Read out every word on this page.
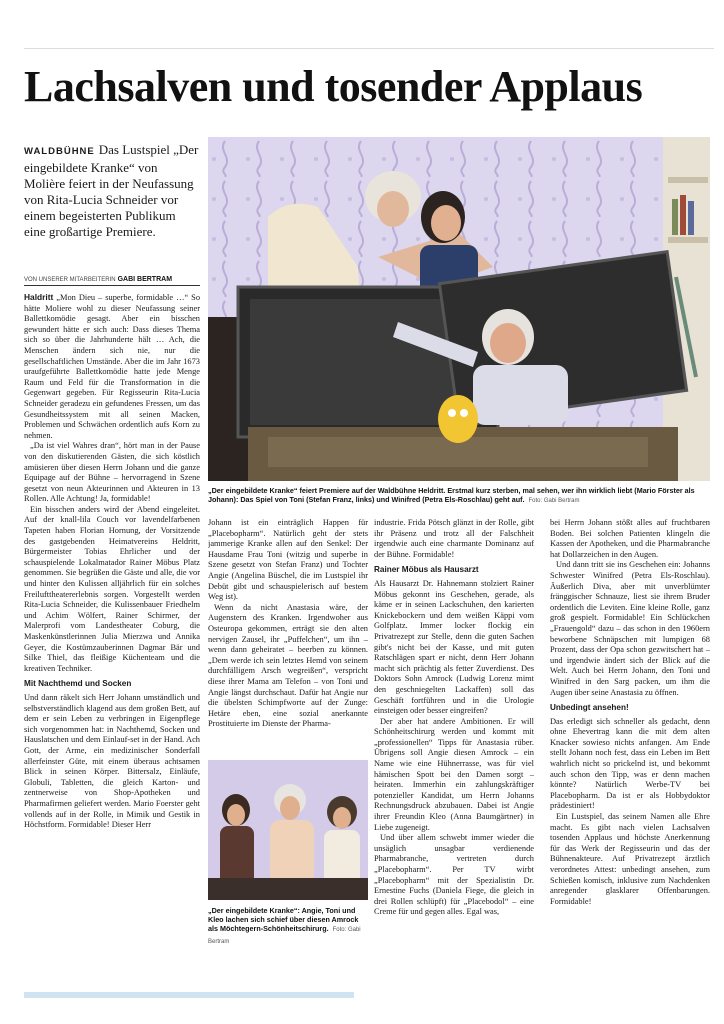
Lachsalven und tosender Applaus
WALDBÜHNE Das Lustspiel „Der eingebildete Kranke“ von Molière feiert in der Neufassung von Rita-Lucia Schneider vor einem begeisterten Publikum eine großartige Premiere.
VON UNSERER MITARBEITERIN GABI BERTRAM
„Der eingebildete Kranke“ feiert Premiere auf der Waldbühne Heldritt. Erstmal kurz sterben, mal sehen, wer ihn wirklich liebt (Mario Förster als Johann): Das Spiel von Toni (Stefan Franz, links) und Winifred (Petra Els-Roschlau) geht auf. Foto: Gabi Bertram

Haldritt „Mon Dieu – superbe, formidable …“ So hätte Moliere wohl zu dieser Neufassung seiner Ballettkomödie gesagt. Aber ein bisschen gewundert hätte er sich auch: Dass dieses Thema sich so über die Jahrhunderte hält … Ach, die Menschen ändern sich nie, nur die gesellschaftlichen Umstände. Aber die im Jahr 1673 uraufgeführte Ballettkomödie hatte jede Menge Raum und Feld für die Transformation in die Gegenwart gegeben. Für Regisseurin Rita-Lucia Schneider geradezu ein gefundenes Fressen, um das Gesundheitssystem mit all seinen Macken, Problemen und Schwächen ordentlich aufs Korn zu nehmen.

„Da ist viel Wahres dran“, hört man in der Pause von den diskutierenden Gästen, die sich köstlich amüsieren über diesen Herrn Johann und die ganze Equipage auf der Bühne – hervorragend in Szene gesetzt von neun Akteurinnen und Akteuren in 13 Rollen. Alle Achtung! Ja, formidable!

Ein bisschen anders wird der Abend eingeleitet. Auf der knall-lila Couch vor lavendelfarbenen Tapeten haben Florian Hornung, der Vorsitzende des gastgebenden Heimatvereins Heldritt, Bürgermeister Tobias Ehrlicher und der schauspielende Lokalmatador Rainer Möbus Platz genommen. Sie begrüßen die Gäste und alle, die vor und hinter den Kulissen alljährlich für ein solches Freilufttheatererlebnis sorgen. Vorgestellt werden Rita-Lucia Schneider, die Kulissenbauer Friedhelm und Achim Wölfert, Rainer Schirmer, der Malerprofi vom Landestheater Coburg, die Maskenkünstlerinnen Julia Mierzwa und Annika Geyer, die Kostümzauberinnen Dagmar Bär und Silke Thiel, das fleißige Küchenteam und die kreativen Techniker.

Mit Nachthemd und Socken

Und dann räkelt sich Herr Johann umständlich und selbstverständlich klagend aus dem großen Bett, auf dem er sein Leben zu verbringen in Eigenpflege sich vorgenommen hat: in Nachthemd, Socken und Hauslatschen und dem Einlauf-set in der Hand. Ach Gott, der Arme, ein medizinischer Sonderfall allerfeinster Güte, mit einem überaus achtsamen Blick in seinen Körper. Bittersalz, Einläufe, Globuli, Tabletten, die gleich Karton- und zentnerweise von Shop-Apotheken und Pharmafirmen geliefert werden. Mario Foerster geht vollends auf in der Rolle, in Mimik und Gestik in Höchstform. Formidable! Dieser Herr

Johann ist ein einträglich Happen für „Placebopharm“. Natürlich geht der stets jammerige Kranke allen auf den Senkel: Der Hausdame Frau Toni (witzig und superbe in Szene gesetzt von Stefan Franz) und Tochter Angie (Angelina Büschel, die im Lustspiel ihr Debüt gibt und schauspielerisch auf bestem Weg ist).

Wenn da nicht Anastasia wäre, der Augenstern des Kranken. Irgendwoher aus Osteuropa gekommen, erträgt sie den alten nervigen Zausel, ihr „Puffelchen“, um ihn – wenn dann geheiratet – beerben zu können. „Dem werde ich sein letztes Hemd von seinem durchfälligem Arsch wegreißen“, verspricht diese ihrer Mama am Telefon – von Toni und Angie längst durchschaut. Dafür hat Angie nur die übelsten Schimpfworte auf der Zunge: Hetäre eben, eine sozial anerkannte Prostituierte im Dienste der Pharma-

„Der eingebildete Kranke“: Angie, Toni und Kleo lachen sich schief über diesen Amrock als Möchtegern-Schönheitschirurg. Foto: Gabi Bertram

industrie. Frida Pötsch glänzt in der Rolle, gibt ihr Präsenz und trotz all der Falschheit irgendwie auch eine charmante Dominanz auf der Bühne. Formidable!

Rainer Möbus als Hausarzt

Als Hausarzt Dr. Hahnemann stolziert Rainer Möbus gekonnt ins Geschehen, gerade, als käme er in seinen Lackschuhen, den karierten Knickebockern und dem weißen Käppi vom Golfplatz. Immer locker flockig ein Privatrezept zur Stelle, denn die guten Sachen gibt's nicht bei der Kasse, und mit guten Ratschlägen spart er nicht, denn Herr Johann macht sich prächtig als fetter Zuverdienst. Des Doktors Sohn Amrock (Ludwig Lorenz mimt den geschniegelten Lackaffen) soll das Geschäft fortführen und in die Urologie einsteigen oder besser eingreifen?

Der aber hat andere Ambitionen. Er will Schönheitschirurg werden und kommt mit „professionellen“ Tipps für Anastasia rüber. Übrigens soll Angie diesen Amrock – ein Name wie eine Hühnerrasse, was für viel hämischen Spott bei den Damen sorgt – heiraten. Immerhin ein zahlungskräftiger potenzieller Kandidat, um Herrn Johanns Rechnungsdruck abzubauen. Dabei ist Angie ihrer Freundin Kleo (Anna Baumgärtner) in Liebe zugeneigt.

Und über allem schwebt immer wieder die unsäglich unsagbar verdienende Pharmabranche, vertreten durch „Placebopharm“. Per TV wirbt „Placebopharm“ mit der Spezialistin Dr. Ernestine Fuchs (Daniela Fiege, die gleich in drei Rollen schlüpft) für „Placebodol“ – eine Creme für und gegen alles. Egal was,

bei Herrn Johann stößt alles auf fruchtbaren Boden. Bei solchen Patienten klingeln die Kassen der Apotheken, und die Pharmabranche hat Dollarzeichen in den Augen.

Und dann tritt sie ins Geschehen ein: Johanns Schwester Winifred (Petra Els-Roschlau). Äußerlich Diva, aber mit unverblümter fränggischer Schnauze, liest sie ihrem Bruder ordentlich die Leviten. Eine kleine Rolle, ganz groß gespielt. Formidable! Ein Schlückchen „Frauengold“ dazu – das schon in den 1960ern beworbene Schnäpschen mit lumpigen 68 Prozent, dass der Opa schon gezwitschert hat – und irgendwie ändert sich der Blick auf die Welt. Auch bei Herrn Johann, den Toni und Winifred in den Sarg packen, um ihm die Augen über seine Anastasia zu öffnen.

Unbedingt ansehen!

Das erledigt sich schneller als gedacht, denn ohne Ehevertrag kann die mit dem alten Knacker sowieso nichts anfangen. Am Ende stellt Johann noch fest, dass ein Leben im Bett wahrlich nicht so prickelnd ist, und bekommt auch schon den Tipp, was er denn machen könnte? Natürlich Werbe-TV bei Placebopharm. Da ist er als Hobbydoktor prädestiniert!

Ein Lustspiel, das seinem Namen alle Ehre macht. Es gibt nach vielen Lachsalven tosenden Applaus und höchste Anerkennung für das Werk der Regisseurin und das der Bühnenakteure. Auf Privatrezept ärztlich verordnetes Attest: unbedingt ansehen, zum Schießen komisch, inklusive zum Nachdenken anregender glasklarer Offenbarungen. Formidable!
